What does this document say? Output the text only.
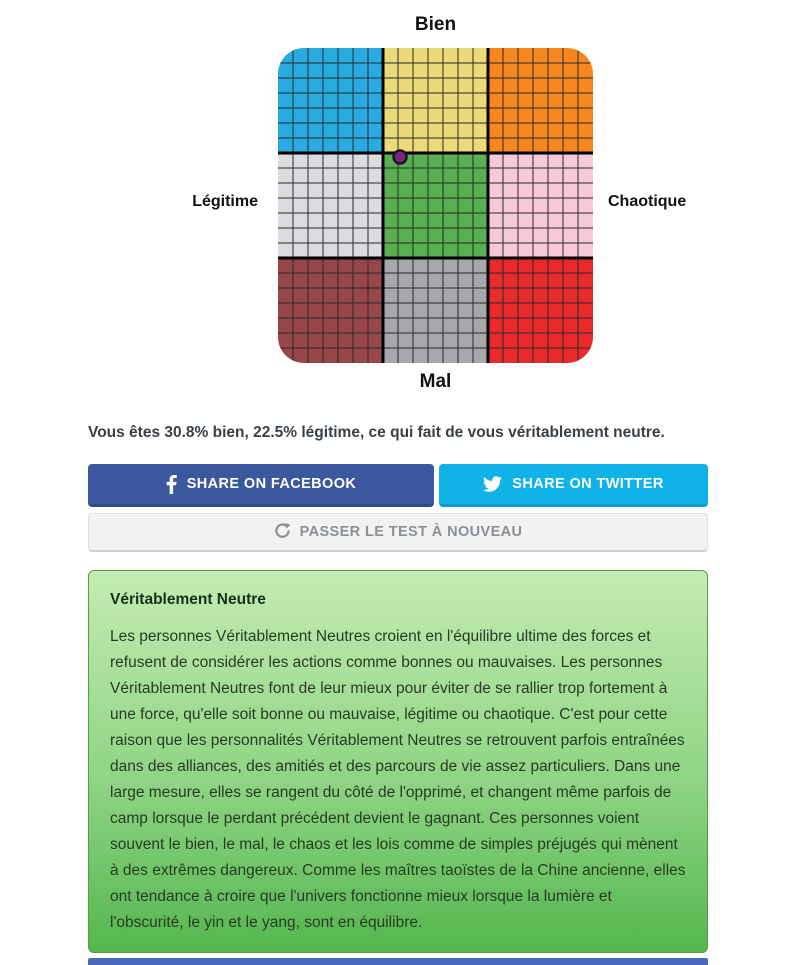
Bien
Légitime	Chaotique
Mal
Vous êtes 30.8% bien, 22.5% légitime, ce qui fait de vous véritablement neutre.
SHARE ON FACEBOOK	SHARE ON TWITTER
PASSER LE TEST À NOUVEAU
Véritablement Neutre
Les personnes Véritablement Neutres croient en l'équilibre ultime des forces et refusent de considérer les actions comme bonnes ou mauvaises. Les personnes Véritablement Neutres font de leur mieux pour éviter de se rallier trop fortement à une force, qu'elle soit bonne ou mauvaise, légitime ou chaotique. C'est pour cette raison que les personnalités Véritablement Neutres se retrouvent parfois entraînées dans des alliances, des amitiés et des parcours de vie assez particuliers. Dans une large mesure, elles se rangent du côté de l'opprimé, et changent même parfois de camp lorsque le perdant précédent devient le gagnant. Ces personnes voient souvent le bien, le mal, le chaos et les lois comme de simples préjugés qui mènent à des extrêmes dangereux. Comme les maîtres taoïstes de la Chine ancienne, elles ont tendance à croire que l'univers fonctionne mieux lorsque la lumière et l'obscurité, le yin et le yang, sont en équilibre.
